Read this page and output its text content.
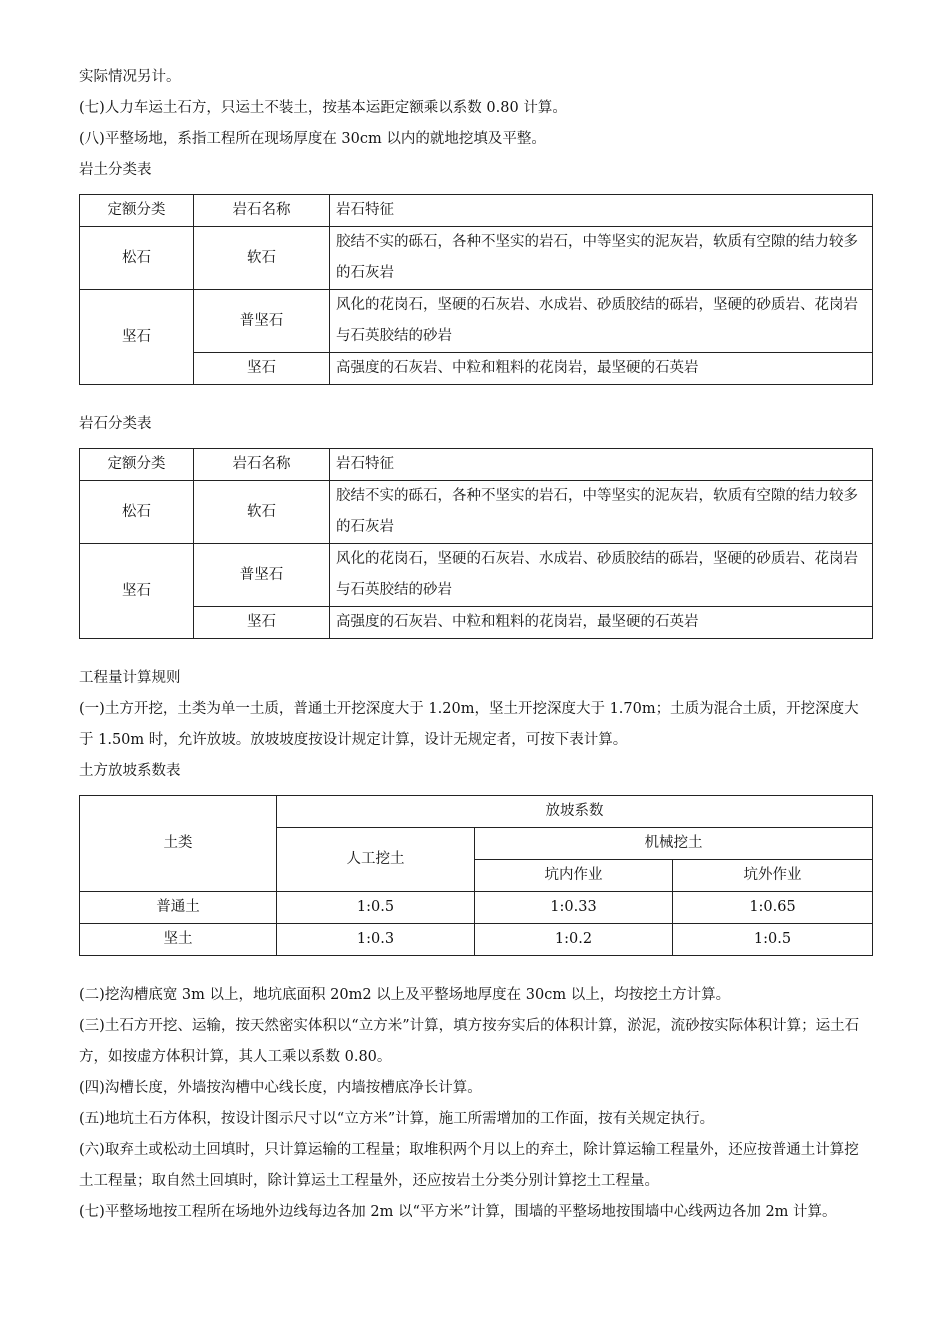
实际情况另计。

(七)人力车运土石方，只运土不装土，按基本运距定额乘以系数 0.80 计算。

(八)平整场地，系指工程所在现场厚度在 30cm 以内的就地挖填及平整。

岩土分类表

定额分类	岩石名称	岩石特征
松石	软石	胶结不实的砾石，各种不坚实的岩石，中等坚实的泥灰岩，软质有空隙的结力较多的石灰岩
坚石	普坚石	风化的花岗石，坚硬的石灰岩、水成岩、砂质胶结的砾岩，坚硬的砂质岩、花岗岩与石英胶结的砂岩
	坚石	高强度的石灰岩、中粒和粗料的花岗岩，最坚硬的石英岩

岩石分类表

定额分类	岩石名称	岩石特征
松石	软石	胶结不实的砾石，各种不坚实的岩石，中等坚实的泥灰岩，软质有空隙的结力较多的石灰岩
坚石	普坚石	风化的花岗石，坚硬的石灰岩、水成岩、砂质胶结的砾岩，坚硬的砂质岩、花岗岩与石英胶结的砂岩
	坚石	高强度的石灰岩、中粒和粗料的花岗岩，最坚硬的石英岩

工程量计算规则

(一)土方开挖，土类为单一土质，普通土开挖深度大于 1.20m，坚土开挖深度大于 1.70m；土质为混合土质，开挖深度大于 1.50m 时，允许放坡。放坡坡度按设计规定计算，设计无规定者，可按下表计算。

土方放坡系数表

土类	放坡系数		
	人工挖土	机械挖土	
		坑内作业	坑外作业
普通土	1:0.5	1:0.33	1:0.65
坚土	1:0.3	1:0.2	1:0.5

(二)挖沟槽底宽 3m 以上，地坑底面积 20m2 以上及平整场地厚度在 30cm 以上，均按挖土方计算。

(三)土石方开挖、运输，按天然密实体积以“立方米”计算，填方按夯实后的体积计算，淤泥，流砂按实际体积计算；运土石方，如按虚方体积计算，其人工乘以系数 0.80。

(四)沟槽长度，外墙按沟槽中心线长度，内墙按槽底净长计算。

(五)地坑土石方体积，按设计图示尺寸以“立方米”计算，施工所需增加的工作面，按有关规定执行。

(六)取弃土或松动土回填时，只计算运输的工程量；取堆积两个月以上的弃土，除计算运输工程量外，还应按普通土计算挖土工程量；取自然土回填时，除计算运土工程量外，还应按岩土分类分别计算挖土工程量。

(七)平整场地按工程所在场地外边线每边各加 2m 以“平方米”计算，围墙的平整场地按围墙中心线两边各加 2m 计算。
